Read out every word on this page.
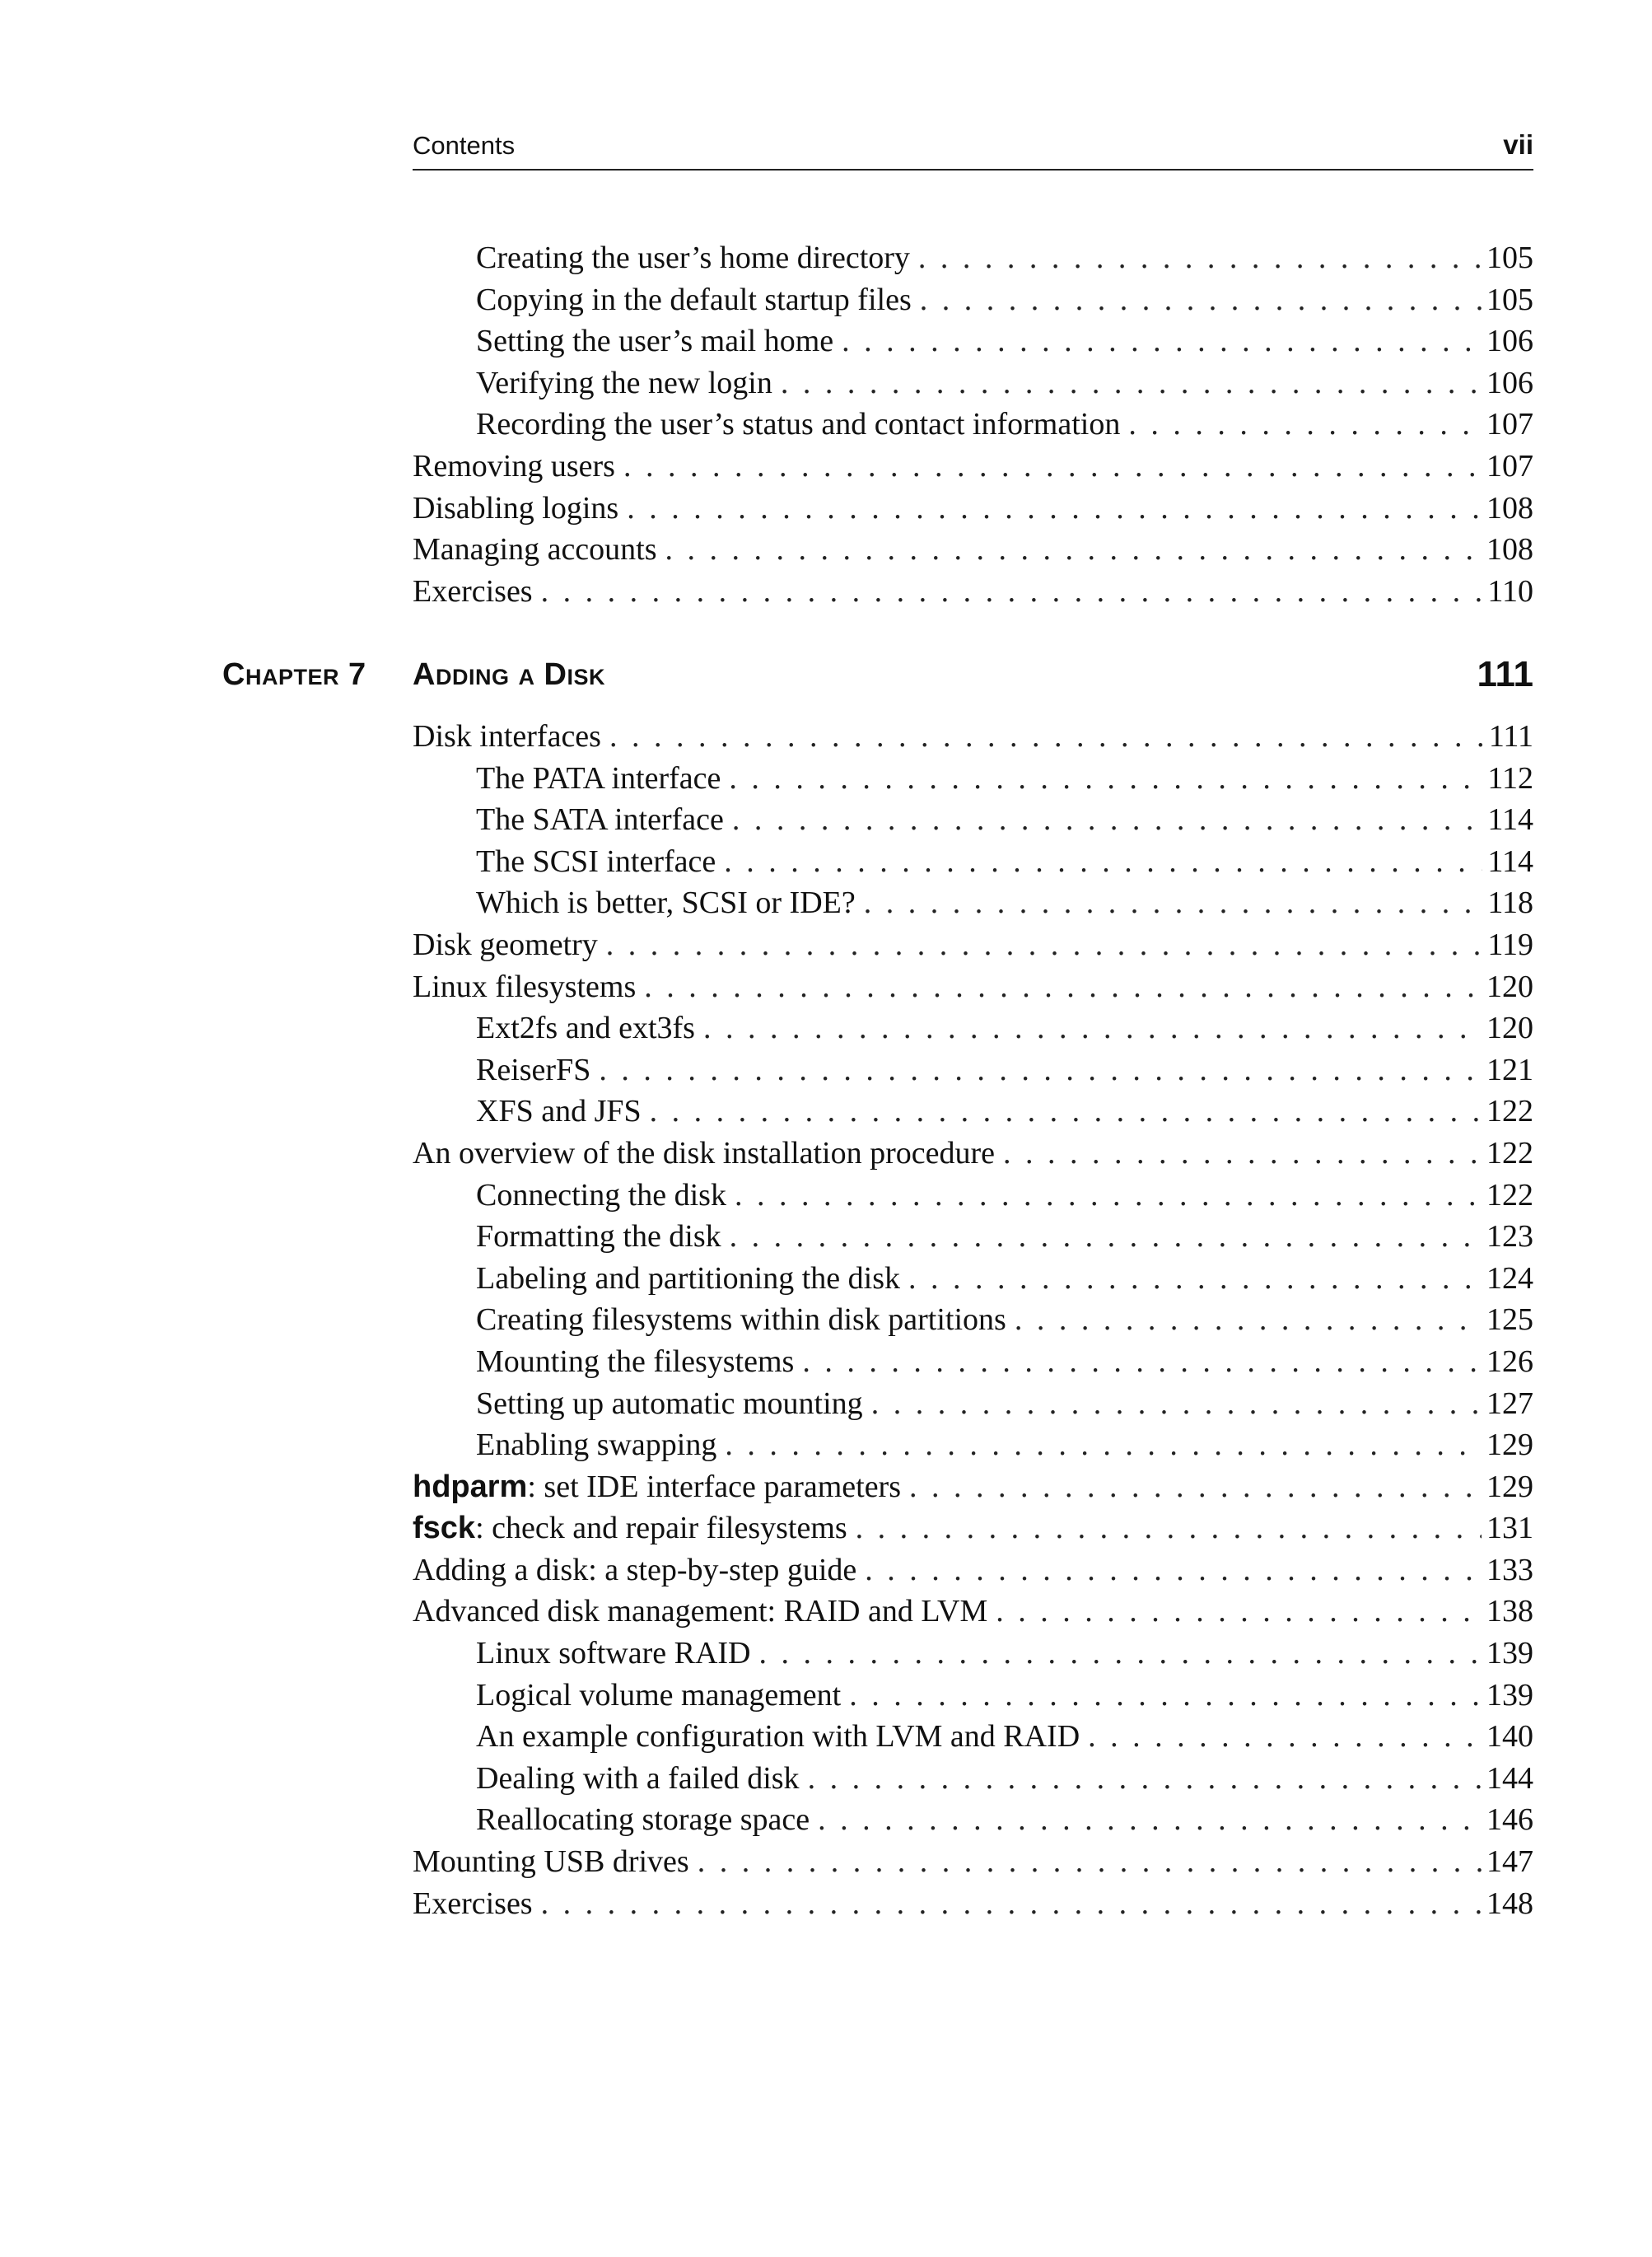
Contents	vii
Creating the user’s home directory . . .	105
Copying in the default startup files . . .	105
Setting the user’s mail home . . .	106
Verifying the new login . . .	106
Recording the user’s status and contact information . . .	107
Removing users . . .	107
Disabling logins . . .	108
Managing accounts . . .	108
Exercises . . .	110
Chapter 7 Adding a Disk	111
Disk interfaces . . .	111
The PATA interface . . .	112
The SATA interface . . .	114
The SCSI interface . . .	114
Which is better, SCSI or IDE? . . .	118
Disk geometry . . .	119
Linux filesystems . . .	120
Ext2fs and ext3fs . . .	120
ReiserFS . . .	121
XFS and JFS . . .	122
An overview of the disk installation procedure . . .	122
Connecting the disk . . .	122
Formatting the disk . . .	123
Labeling and partitioning the disk . . .	124
Creating filesystems within disk partitions . . .	125
Mounting the filesystems . . .	126
Setting up automatic mounting . . .	127
Enabling swapping . . .	129
hdparm: set IDE interface parameters . . .	129
fsck: check and repair filesystems . . .	131
Adding a disk: a step-by-step guide . . .	133
Advanced disk management: RAID and LVM . . .	138
Linux software RAID . . .	139
Logical volume management . . .	139
An example configuration with LVM and RAID . . .	140
Dealing with a failed disk . . .	144
Reallocating storage space . . .	146
Mounting USB drives . . .	147
Exercises . . .	148
